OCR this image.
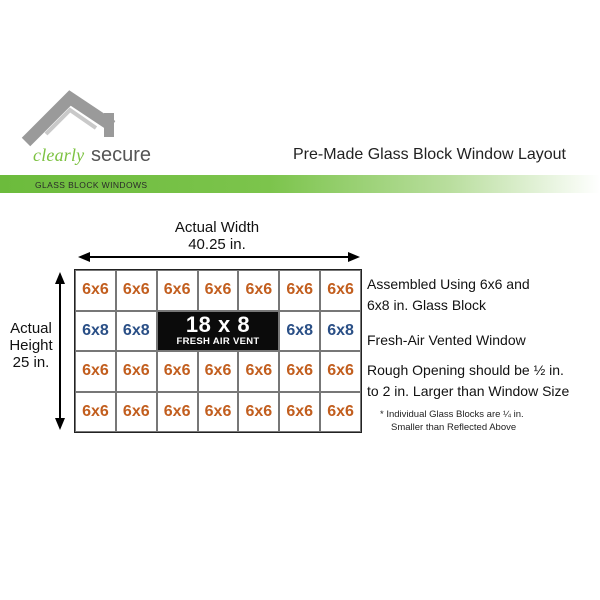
clearly secure	Pre-Made Glass Block Window Layout
GLASS BLOCK WINDOWS
Actual Width
40.25 in.
Actual
Height
25 in.
6x6 6x6 6x6 6x6 6x6 6x6 6x6
6x8 6x8	18 x 8
FRESH AIR VENT
6x8 6x8
6x6 6x6 6x6 6x6 6x6 6x6 6x6
6x6 6x6 6x6 6x6 6x6 6x6 6x6
Assembled Using 6x6 and
6x8 in. Glass Block
Fresh-Air Vented Window
Rough Opening should be ½ in.
to 2 in. Larger than Window Size
* Individual Glass Blocks are ¼ in.
Smaller than Reflected Above
